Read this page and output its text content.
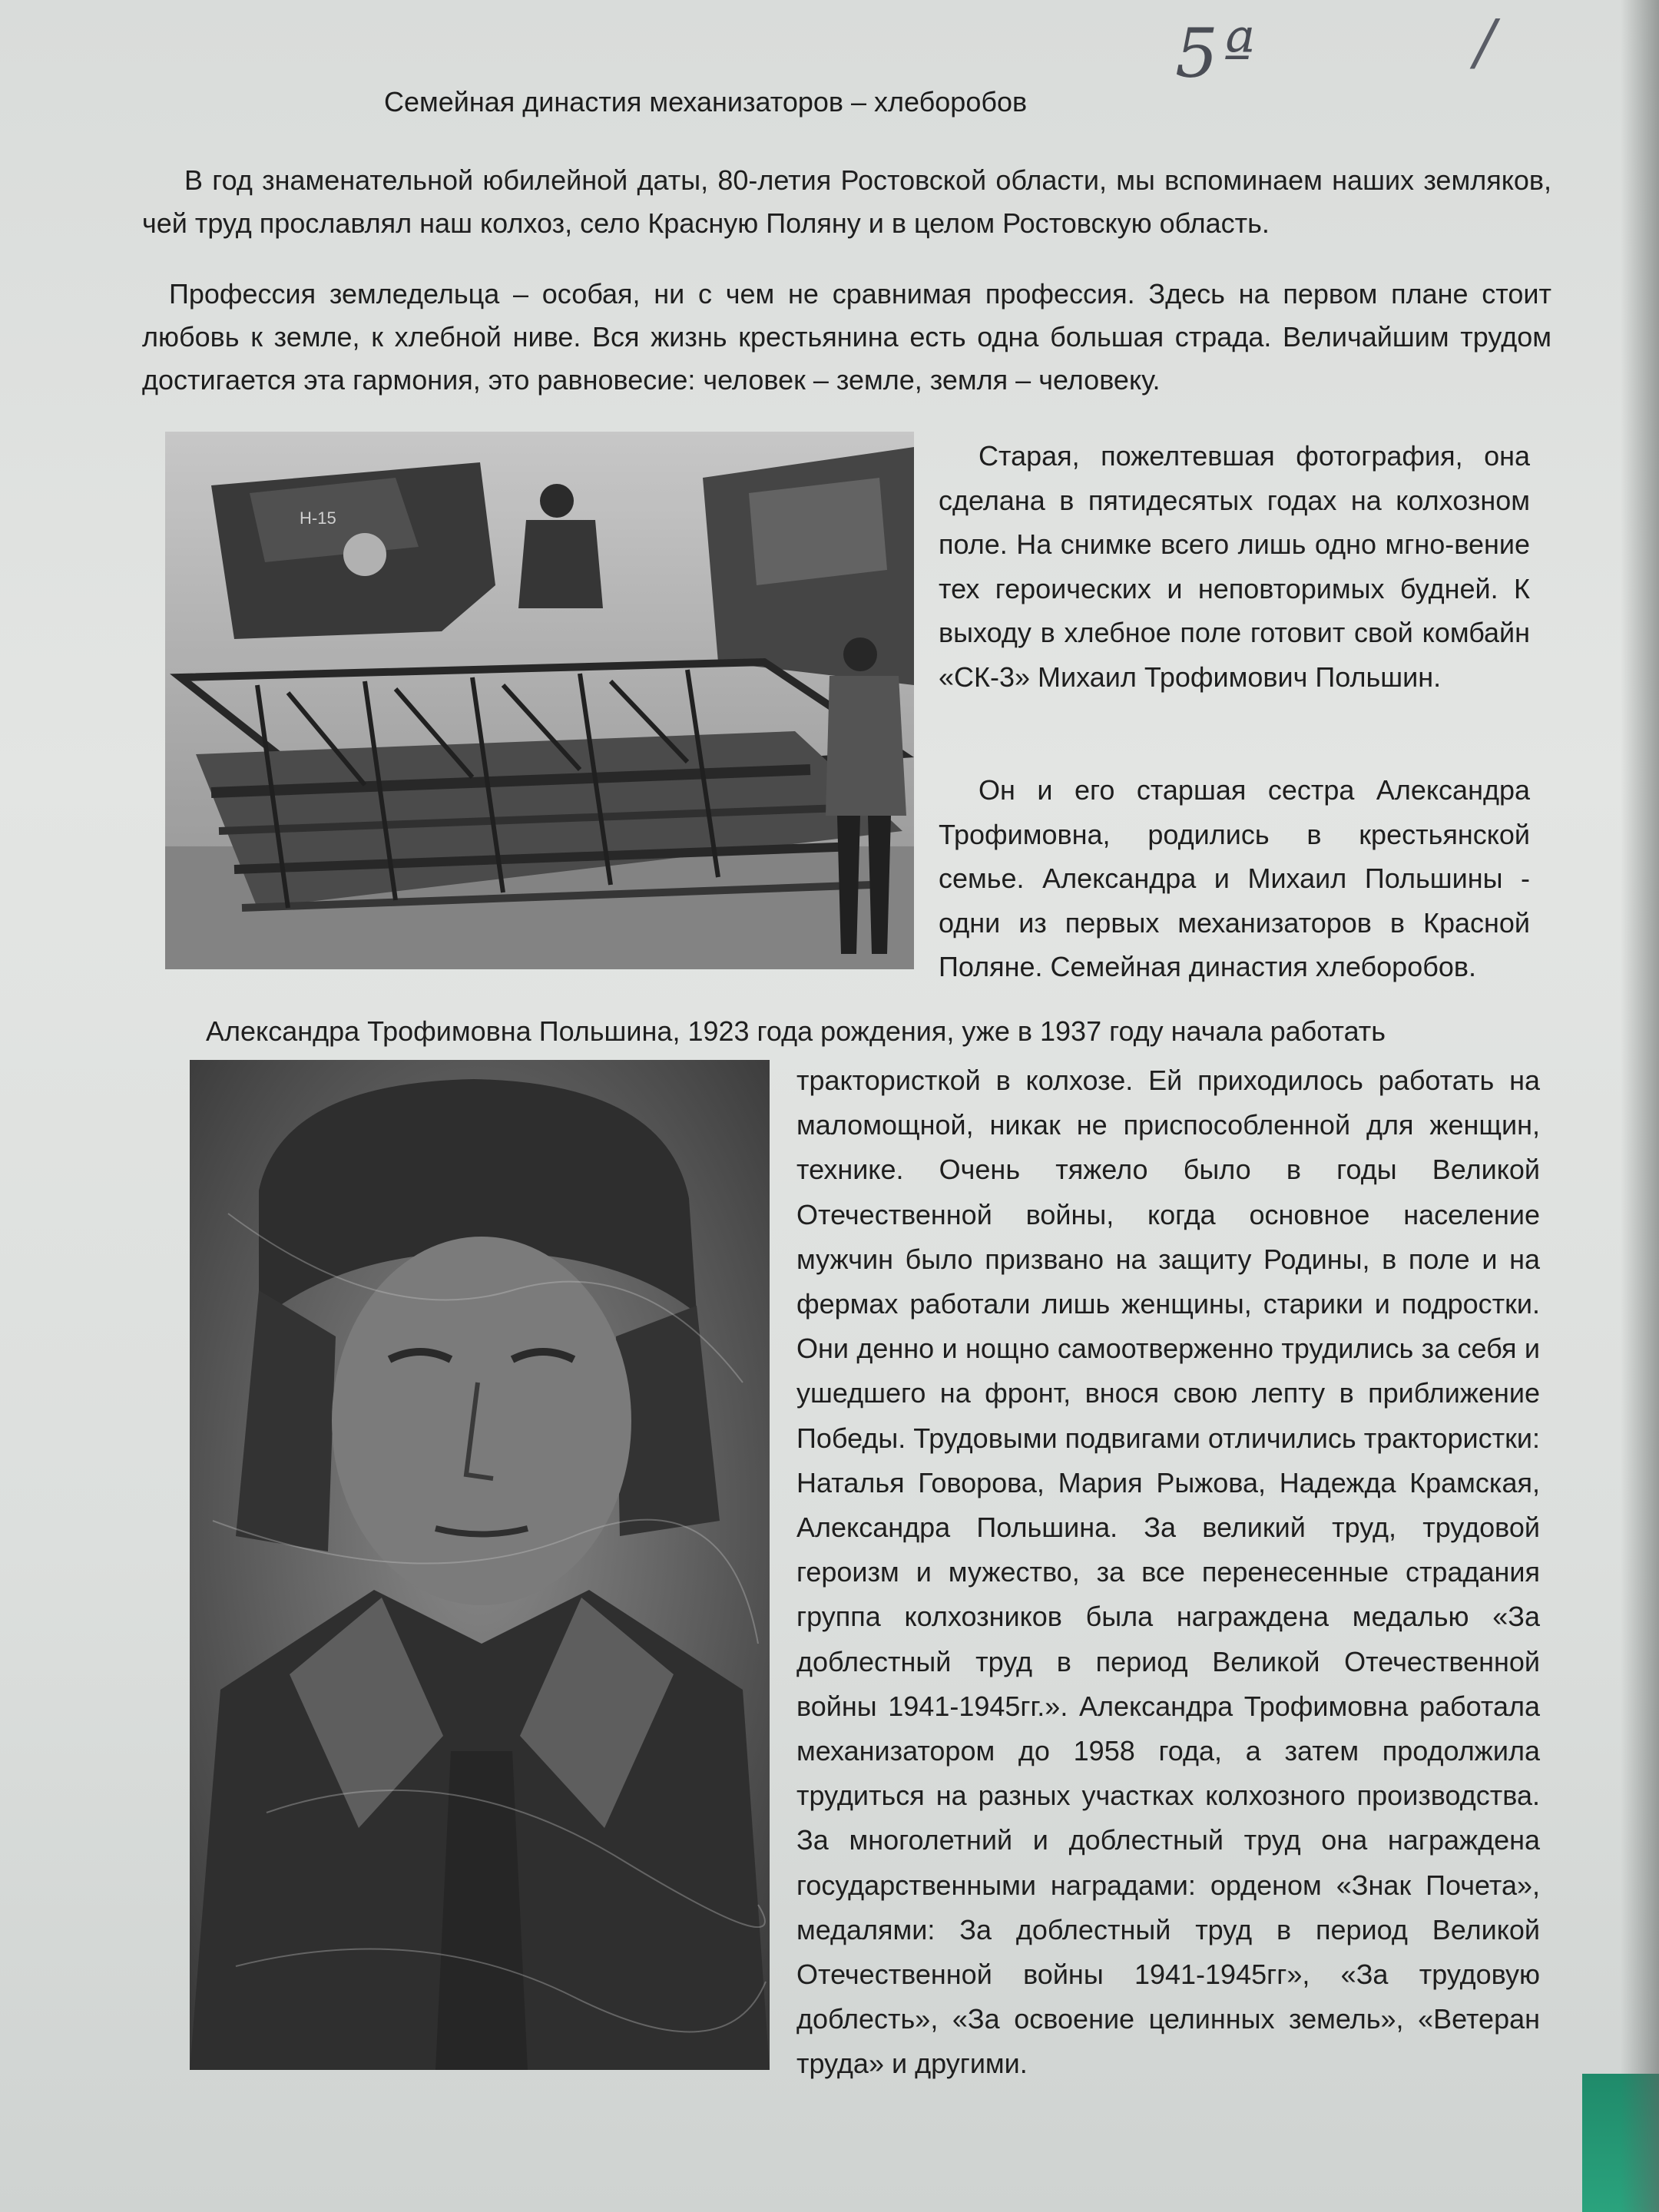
5ª	/
Семейная династия механизаторов – хлеборобов

В год знаменательной юбилейной даты, 80-летия Ростовской области, мы вспоминаем наших земляков, чей труд прославлял наш колхоз, село Красную Поляну и в целом Ростовскую область.

Профессия земледельца – особая, ни с чем не сравнимая профессия. Здесь на первом плане стоит любовь к земле, к хлебной ниве. Вся жизнь крестьянина есть одна большая страда. Величайшим трудом достигается эта гармония, это равновесие: человек – земле, земля – человеку.

Н-15

Старая, пожелтевшая фотография, она сделана в пятидесятых годах на колхозном поле. На снимке всего лишь одно мгно-вение тех героических и неповторимых будней. К выходу в хлебное поле готовит свой комбайн «СК-3» Михаил Трофимович Польшин.

Он и его старшая сестра Александра Трофимовна, родились в крестьянской семье. Александра и Михаил Польшины - одни из первых механизаторов в Красной Поляне. Семейная династия хлеборобов.

Александра Трофимовна Польшина, 1923 года рождения, уже в 1937 году начала работать

трактористкой в колхозе. Ей приходилось работать на маломощной, никак не приспособленной для женщин, технике. Очень тяжело было в годы Великой Отечественной войны, когда основное население мужчин было призвано на защиту Родины, в поле и на фермах работали лишь женщины, старики и подростки. Они денно и нощно самоотверженно трудились за себя и ушедшего на фронт, внося свою лепту в приближение Победы. Трудовыми подвигами отличились трактористки: Наталья Говорова, Мария Рыжова, Надежда Крамская, Александра Польшина. За великий труд, трудовой героизм и мужество, за все перенесенные страдания группа колхозников была награждена медалью «За доблестный труд в период Великой Отечественной войны 1941-1945гг.». Александра Трофимовна работала механизатором до 1958 года, а затем продолжила трудиться на разных участках колхозного производства. За многолетний и доблестный труд она награждена государственными наградами: орденом «Знак Почета», медалями: За доблестный труд в период Великой Отечественной войны 1941-1945гг», «За трудовую доблесть», «За освоение целинных земель», «Ветеран труда» и другими.
